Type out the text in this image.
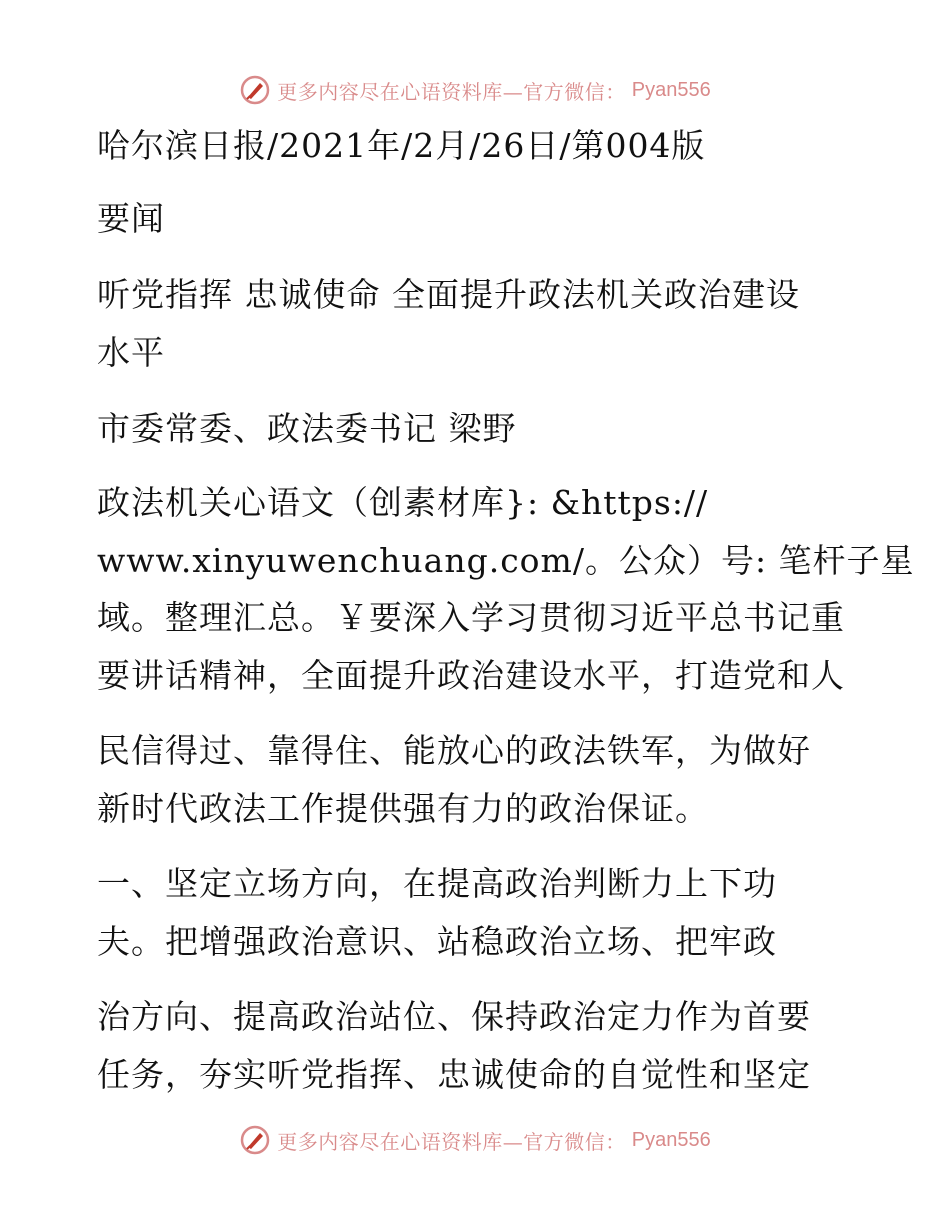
更多内容尽在心语资料库—官方微信： Pyan556
哈尔滨日报/2021年/2月/26日/第004版
要闻
听党指挥 忠诚使命 全面提升政法机关政治建设
水平
市委常委、政法委书记 梁野
政法机关心语文（创素材库}: &https://
www.xinyuwenchuang.com/。公众）号: 笔杆子星
域。整理汇总。￥要深入学习贯彻习近平总书记重
要讲话精神，全面提升政治建设水平，打造党和人
民信得过、靠得住、能放心的政法铁军，为做好
新时代政法工作提供强有力的政治保证。
一、坚定立场方向，在提高政治判断力上下功
夫。把增强政治意识、站稳政治立场、把牢政
治方向、提高政治站位、保持政治定力作为首要
任务，夯实听党指挥、忠诚使命的自觉性和坚定
更多内容尽在心语资料库—官方微信： Pyan556
